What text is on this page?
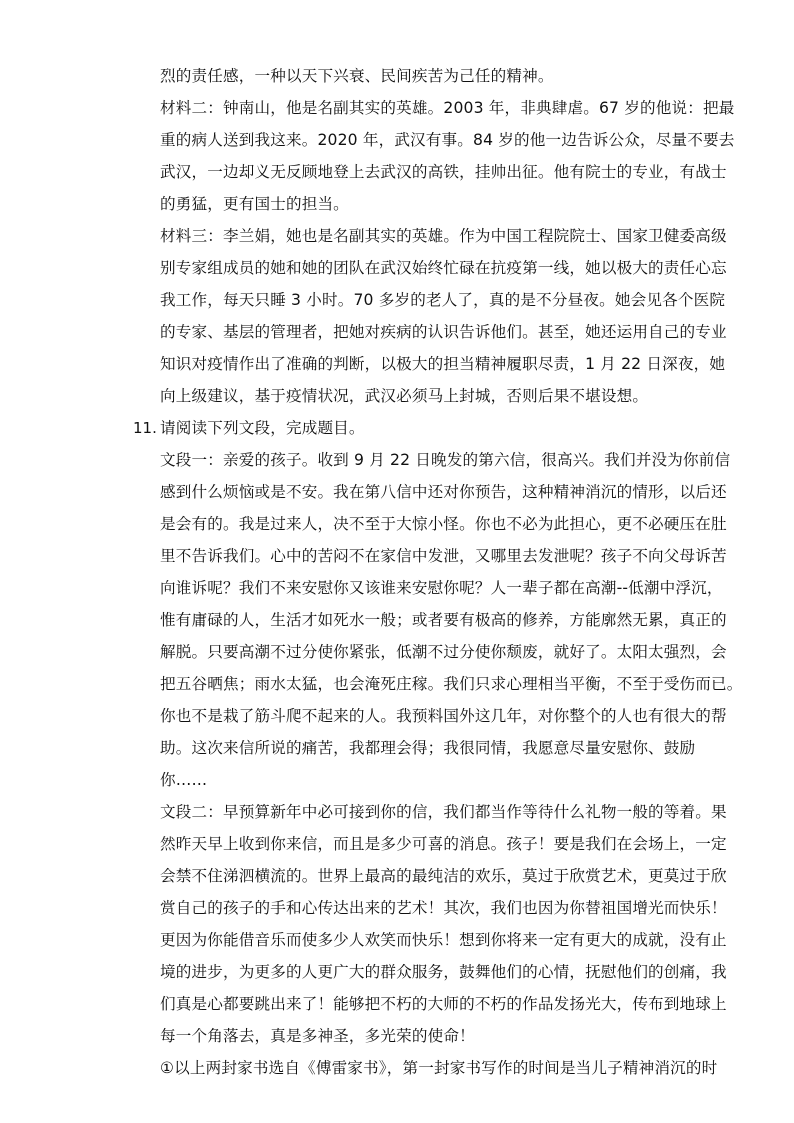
烈的责任感，一种以天下兴衰、民间疾苦为己任的精神。
材料二：钟南山，他是名副其实的英雄。2003 年，非典肆虐。67 岁的他说：把最
重的病人送到我这来。2020 年，武汉有事。84 岁的他一边告诉公众，尽量不要去
武汉，一边却义无反顾地登上去武汉的高铁，挂帅出征。他有院士的专业，有战士
的勇猛，更有国士的担当。
材料三：李兰娟，她也是名副其实的英雄。作为中国工程院院士、国家卫健委高级
别专家组成员的她和她的团队在武汉始终忙碌在抗疫第一线，她以极大的责任心忘
我工作，每天只睡 3 小时。70 多岁的老人了，真的是不分昼夜。她会见各个医院
的专家、基层的管理者，把她对疾病的认识告诉他们。甚至，她还运用自己的专业
知识对疫情作出了准确的判断，以极大的担当精神履职尽责，1 月 22 日深夜，她
向上级建议，基于疫情状况，武汉必须马上封城，否则后果不堪设想。
11. 请阅读下列文段，完成题目。
文段一：亲爱的孩子。收到 9 月 22 日晚发的第六信，很高兴。我们并没为你前信
感到什么烦恼或是不安。我在第八信中还对你预告，这种精神消沉的情形，以后还
是会有的。我是过来人，决不至于大惊小怪。你也不必为此担心，更不必硬压在肚
里不告诉我们。心中的苦闷不在家信中发泄，又哪里去发泄呢？孩子不向父母诉苦
向谁诉呢？我们不来安慰你又该谁来安慰你呢？人一辈子都在高潮--低潮中浮沉，
惟有庸碌的人，生活才如死水一般；或者要有极高的修养，方能廓然无累，真正的
解脱。只要高潮不过分使你紧张，低潮不过分使你颓废，就好了。太阳太强烈，会
把五谷晒焦；雨水太猛，也会淹死庄稼。我们只求心理相当平衡，不至于受伤而已。
你也不是栽了筋斗爬不起来的人。我预料国外这几年，对你整个的人也有很大的帮
助。这次来信所说的痛苦，我都理会得；我很同情，我愿意尽量安慰你、鼓励
你……
文段二：早预算新年中必可接到你的信，我们都当作等待什么礼物一般的等着。果
然昨天早上收到你来信，而且是多少可喜的消息。孩子！要是我们在会场上，一定
会禁不住涕泗横流的。世界上最高的最纯洁的欢乐，莫过于欣赏艺术，更莫过于欣
赏自己的孩子的手和心传达出来的艺术！其次，我们也因为你替祖国增光而快乐！
更因为你能借音乐而使多少人欢笑而快乐！想到你将来一定有更大的成就，没有止
境的进步，为更多的人更广大的群众服务，鼓舞他们的心情，抚慰他们的创痛，我
们真是心都要跳出来了！能够把不朽的大师的不朽的作品发扬光大，传布到地球上
每一个角落去，真是多神圣，多光荣的使命！
①以上两封家书选自《傅雷家书》，第一封家书写作的时间是当儿子精神消沉的时
